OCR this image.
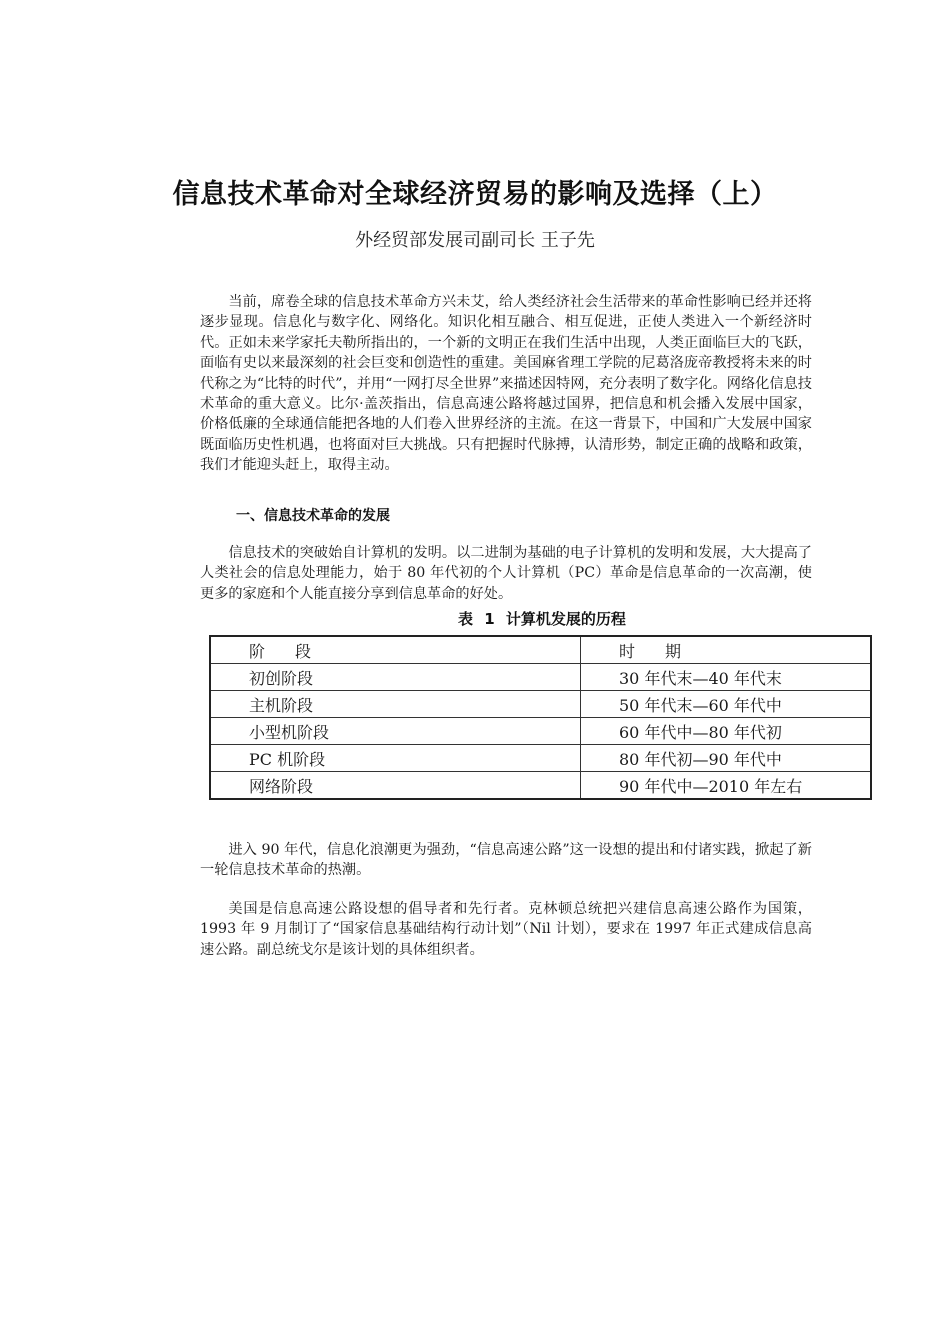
信息技术革命对全球经济贸易的影响及选择（上）
外经贸部发展司副司长 王子先

当前，席卷全球的信息技术革命方兴未艾，给人类经济社会生活带来的革命性影响已经并还将逐步显现。信息化与数字化、网络化。知识化相互融合、相互促进，正使人类进入一个新经济时代。正如未来学家托夫勒所指出的，一个新的文明正在我们生活中出现，人类正面临巨大的飞跃，面临有史以来最深刻的社会巨变和创造性的重建。美国麻省理工学院的尼葛洛庞帝教授将未来的时代称之为“比特的时代”，并用“一网打尽全世界”来描述因特网，充分表明了数字化。网络化信息技术革命的重大意义。比尔·盖茨指出，信息高速公路将越过国界，把信息和机会播入发展中国家，价格低廉的全球通信能把各地的人们卷入世界经济的主流。在这一背景下，中国和广大发展中国家既面临历史性机遇，也将面对巨大挑战。只有把握时代脉搏，认清形势，制定正确的战略和政策，我们才能迎头赶上，取得主动。

一、信息技术革命的发展

信息技术的突破始自计算机的发明。以二进制为基础的电子计算机的发明和发展，大大提高了人类社会的信息处理能力，始于 80 年代初的个人计算机（PC）革命是信息革命的一次高潮，使更多的家庭和个人能直接分享到信息革命的好处。

表 1 计算机发展的历程
阶段	时期
初创阶段	30 年代末—40 年代末
主机阶段	50 年代末—60 年代中
小型机阶段	60 年代中—80 年代初
PC 机阶段	80 年代初—90 年代中
网络阶段	90 年代中—2010 年左右

进入 90 年代，信息化浪潮更为强劲，“信息高速公路”这一设想的提出和付诸实践，掀起了新一轮信息技术革命的热潮。

美国是信息高速公路设想的倡导者和先行者。克林顿总统把兴建信息高速公路作为国策，1993 年 9 月制订了“国家信息基础结构行动计划”（Nil 计划），要求在 1997 年正式建成信息高速公路。副总统戈尔是该计划的具体组织者。
